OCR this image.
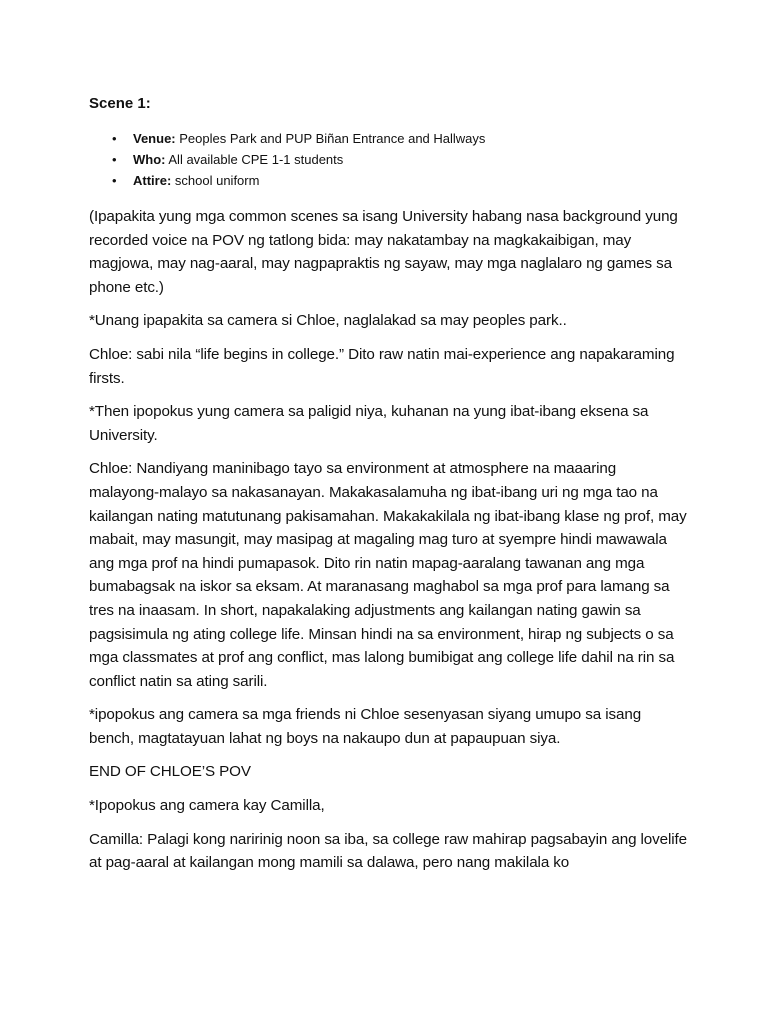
Scene 1:
• Venue: Peoples Park and PUP Biñan Entrance and Hallways
• Who: All available CPE 1-1 students
• Attire: school uniform

(Ipapakita yung mga common scenes sa isang University habang nasa background yung recorded voice na POV ng tatlong bida: may nakatambay na magkakaibigan, may magjowa, may nag-aaral, may nagpapraktis ng sayaw, may mga naglalaro ng games sa phone etc.)

*Unang ipapakita sa camera si Chloe, naglalakad sa may peoples park..

Chloe: sabi nila “life begins in college.” Dito raw natin mai-experience ang napakaraming firsts.

*Then ipopokus yung camera sa paligid niya, kuhanan na yung ibat-ibang eksena sa University.

Chloe: Nandiyang maninibago tayo sa environment at atmosphere na maaaring malayong-malayo sa nakasanayan. Makakasalamuha ng ibat-ibang uri ng mga tao na kailangan nating matutunang pakisamahan. Makakakilala ng ibat-ibang klase ng prof, may mabait, may masungit, may masipag at magaling mag turo at syempre hindi mawawala ang mga prof na hindi pumapasok. Dito rin natin mapag-aaralang tawanan ang mga bumabagsak na iskor sa eksam. At maranasang maghabol sa mga prof para lamang sa tres na inaasam. In short, napakalaking adjustments ang kailangan nating gawin sa pagsisimula ng ating college life. Minsan hindi na sa environment, hirap ng subjects o sa mga classmates at prof ang conflict, mas lalong bumibigat ang college life dahil na rin sa conflict natin sa ating sarili.

*ipopokus ang camera sa mga friends ni Chloe sesenyasan siyang umupo sa isang bench, magtatayuan lahat ng boys na nakaupo dun at papaupuan siya.

END OF CHLOE’S POV

*Ipopokus ang camera kay Camilla,

Camilla: Palagi kong naririnig noon sa iba, sa college raw mahirap pagsabayin ang lovelife at pag-aaral at kailangan mong mamili sa dalawa, pero nang makilala ko
